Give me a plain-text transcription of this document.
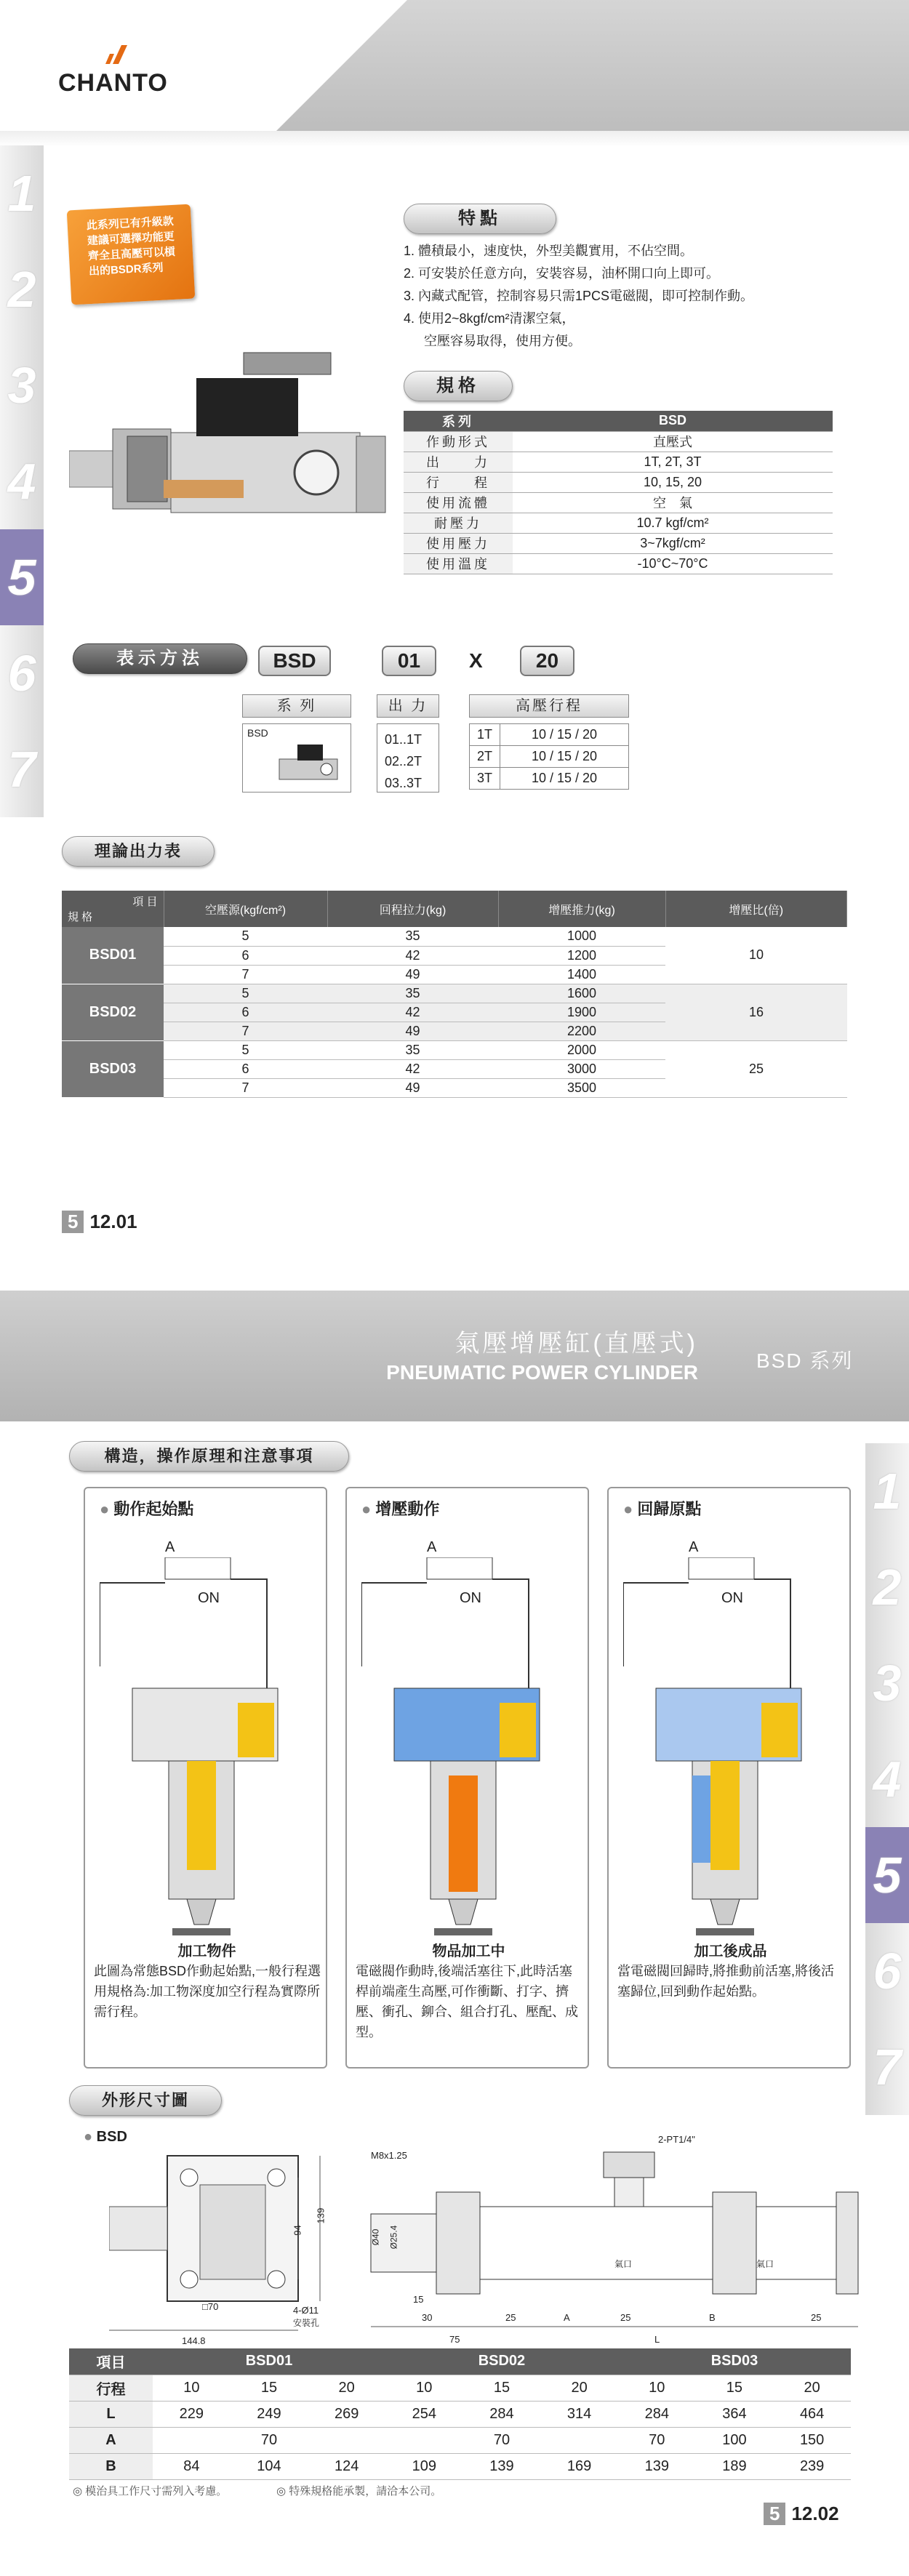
CHANTO
1
2
3
4
5
6
7
此系列已有升級款建議可選擇功能更齊全且高壓可以槓出的BSDR系列
特點
1. 體積最小，速度快，外型美觀實用，不佔空間。
2. 可安裝於任意方向，安裝容易，油杯開口向上即可。
3. 內藏式配管，控制容易只需1PCS電磁閥，即可控制作動。
4. 使用2~8kgf/cm²清潔空氣，
空壓容易取得，使用方便。
規格
系列	BSD
作動形式	直壓式
出　　力	1T, 2T, 3T
行　　程	10, 15, 20
使用流體	空　氣
耐壓力	10.7 kgf/cm²
使用壓力	3~7kgf/cm²
使用溫度	-10°C~70°C
表示方法	BSD	01	X	20
系 列
BSD
出 力
01..1T
02..2T
03..3T
高壓行程
1T	10 / 15 / 20
2T	10 / 15 / 20
3T	10 / 15 / 20
理論出力表
項 目
規 格
	空壓源(kgf/cm²)	回程拉力(kg)	增壓推力(kg)	增壓比(倍)
BSD01	5	35	1000	10
	6	42	1200	
	7	49	1400	
BSD02	5	35	1600	16
	6	42	1900	
	7	49	2200	
BSD03	5	35	2000	25
	6	42	3000	
	7	49	3500	
5 12.01
氣壓增壓缸(直壓式)
PNEUMATIC POWER CYLINDER
BSD 系列
1
2
3
4
5
6
7
構造，操作原理和注意事項
● 動作起始點
A
ON
加工物件
此圖為常態BSD作動起始點,一般行程選用規格為:加工物深度加空行程為實際所需行程。
● 增壓動作
A
ON
物品加工中
電磁閥作動時,後端活塞往下,此時活塞桿前端產生高壓,可作衝斷、打字、擠壓、衝孔、鉚合、組合打孔、壓配、成型。
● 回歸原點
A
ON
加工後成品
當電磁閥回歸時,將推動前活塞,將後活塞歸位,回到動作起始點。
外形尺寸圖
● BSD
□70
94
139
4-Ø11
安裝孔
144.8
M8x1.25
Ø40 Ø25.4
15
30
75
25	A	25	B	25
L
2-PT1/4"
氣口	氣口
項目	BSD01			BSD02			BSD03		
行程	10	15	20	10	15	20	10	15	20
L	229	249	269	254	284	314	284	364	464
A	70			70			70	100	150
B	84	104	124	109	139	169	139	189	239
◎ 模治具工作尺寸需列入考慮。	◎ 特殊規格能承製，請洽本公司。
5 12.02
